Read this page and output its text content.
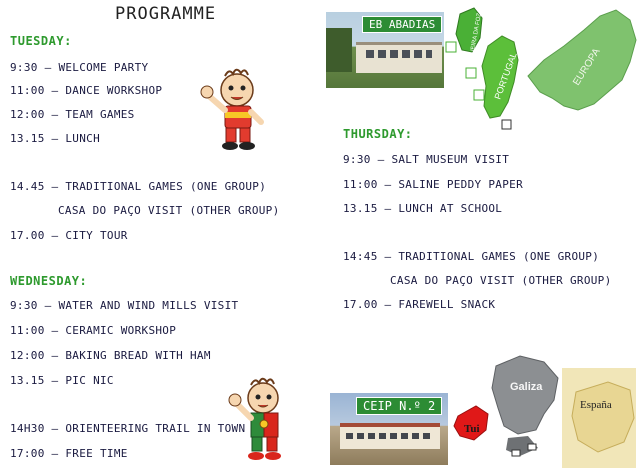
PROGRAMME
TUESDAY:
9:30 – WELCOME PARTY
11:00 – DANCE WORKSHOP
12:00 – TEAM GAMES
13.15 – LUNCH
14.45 – TRADITIONAL GAMES (ONE GROUP)
CASA DO PAÇO VISIT (OTHER GROUP)
17.00 – CITY TOUR
WEDNESDAY:
9:30 – WATER AND WIND MILLS VISIT
11:00 – CERAMIC WORKSHOP
12:00 – BAKING BREAD WITH HAM
13.15 – PIC NIC
14H30 – ORIENTEERING TRAIL IN TOWN
17:00 – FREE TIME
THURSDAY:
9:30 – SALT MUSEUM VISIT
11:00 – SALINE PEDDY PAPER
13.15 – LUNCH AT SCHOOL
14:45 – TRADITIONAL GAMES (ONE GROUP)
CASA DO PAÇO VISIT (OTHER GROUP)
17.00 – FAREWELL SNACK
EB ABADIAS
EUROPA
PORTUGAL
FIGUEIRA DA FOZ
CEIP N.º 2	España
Galiza
Tui
